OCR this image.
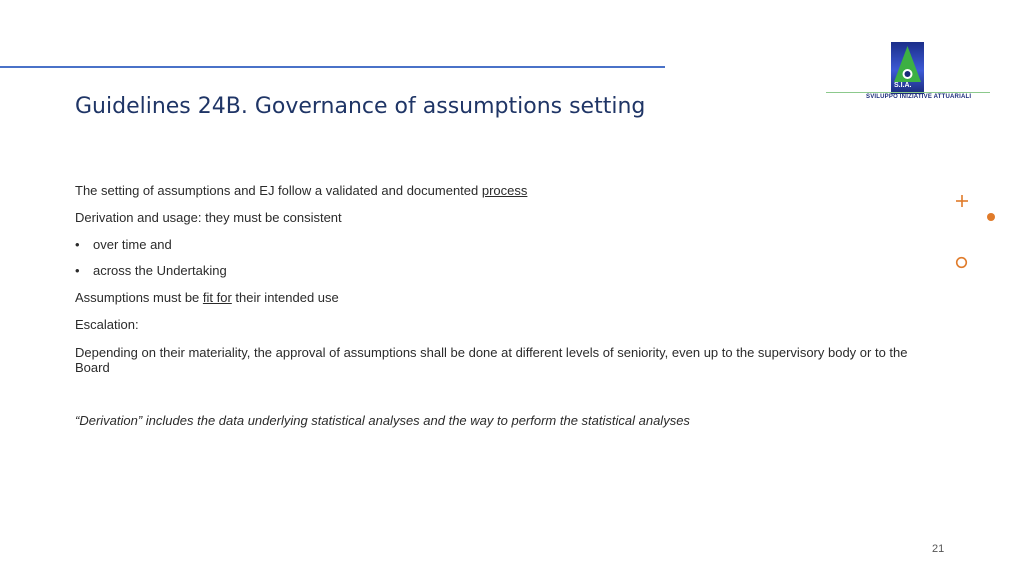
Guidelines 24B. Governance of assumptions setting
S.I.A.
SVILUPPO INIZIATIVE ATTUARIALI
The setting of assumptions and EJ follow a validated and documented process
Derivation and usage: they must be consistent
• over time and
• across the Undertaking
Assumptions must be fit for their intended use
Escalation:
Depending on their materiality, the approval of assumptions shall be done at different levels of seniority, even up to the supervisory body or to the Board
“Derivation” includes the data underlying statistical analyses and the way to perform the statistical analyses
21
